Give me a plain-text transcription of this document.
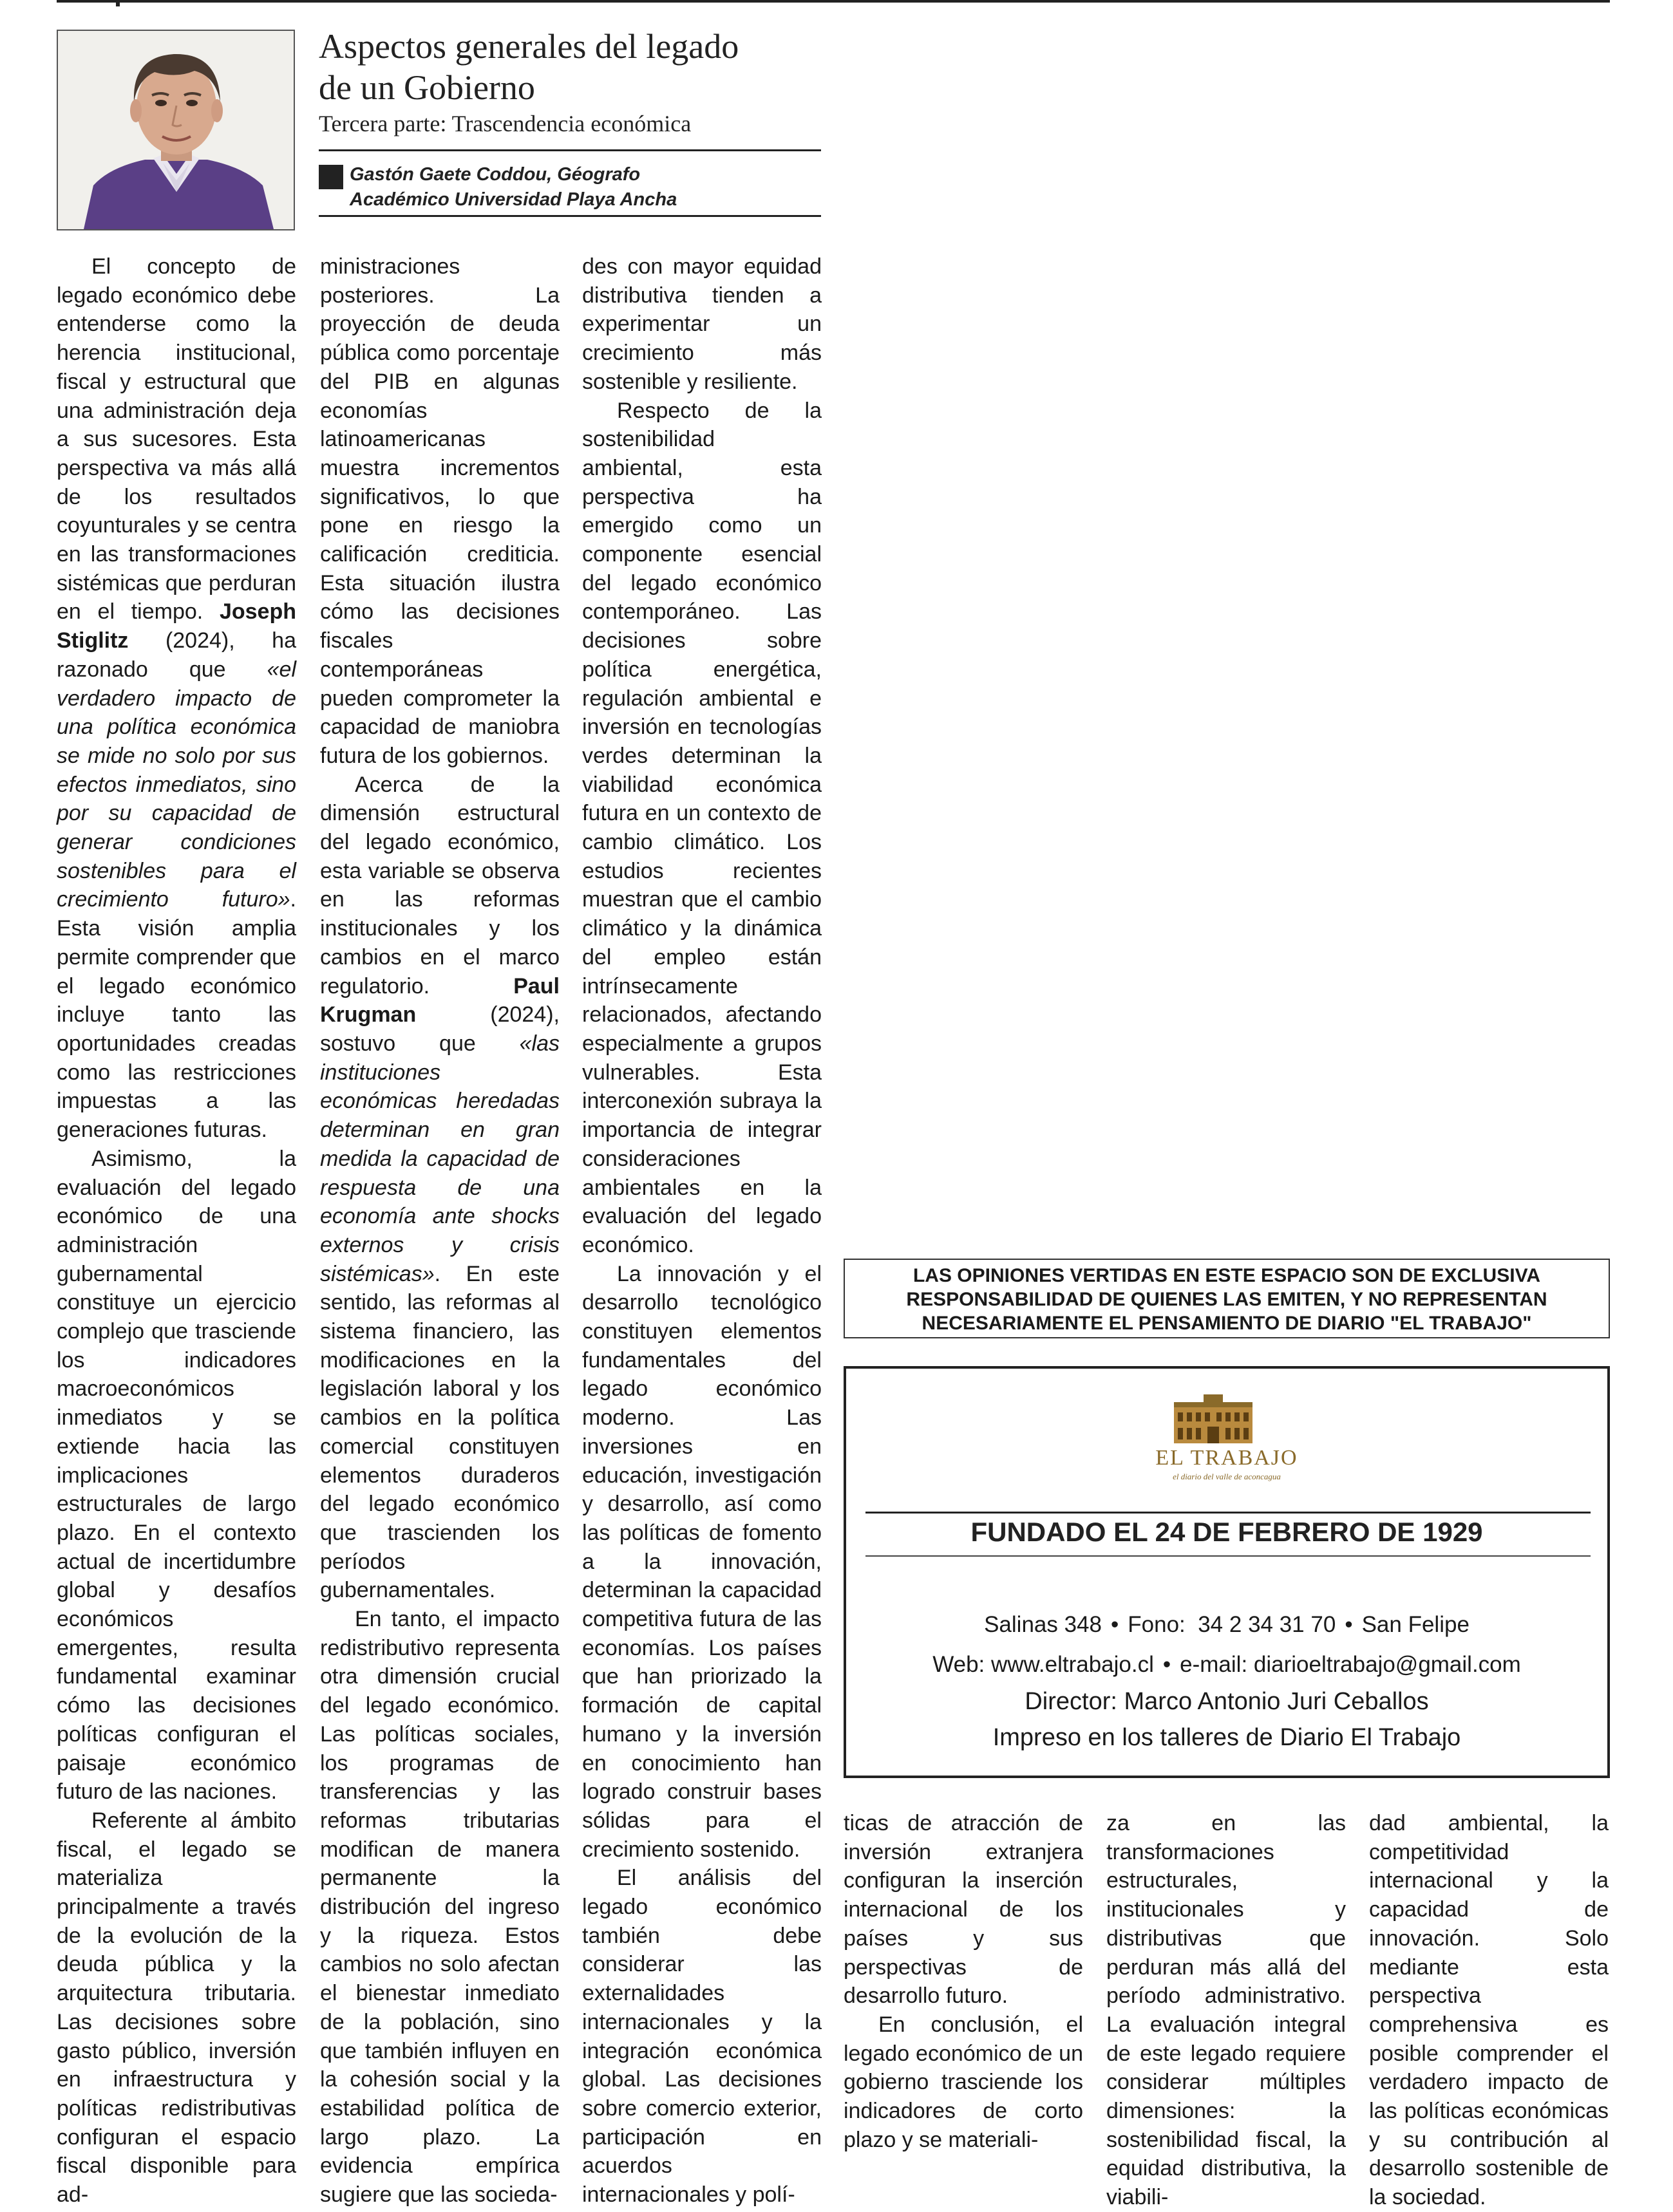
Aspectos generales del legado
de un Gobierno
Tercera parte: Trascendencia económica
Gastón Gaete Coddou, Géografo
Académico Universidad Playa Ancha

El concepto de legado económico debe entenderse como la herencia institucional, fiscal y estructural que una administración deja a sus sucesores. Esta perspectiva va más allá de los resultados coyunturales y se centra en las transformaciones sistémicas que perduran en el tiempo. Joseph Stiglitz (2024), ha razonado que «el verdadero impacto de una política económica se mide no solo por sus efectos inmediatos, sino por su capacidad de generar condiciones sostenibles para el crecimiento futuro». Esta visión amplia permite comprender que el legado económico incluye tanto las oportunidades creadas como las restricciones impuestas a las generaciones futuras.

Asimismo, la evaluación del legado económico de una administración gubernamental constituye un ejercicio complejo que trasciende los indicadores macroeconómicos inmediatos y se extiende hacia las implicaciones estructurales de largo plazo. En el contexto actual de incertidumbre global y desafíos económicos emergentes, resulta fundamental examinar cómo las decisiones políticas configuran el paisaje económico futuro de las naciones.

Referente al ámbito fiscal, el legado se materializa principalmente a través de la evolución de la deuda pública y la arquitectura tributaria. Las decisiones sobre gasto público, inversión en infraestructura y políticas redistributivas configuran el espacio fiscal disponible para ad-

ministraciones posteriores. La proyección de deuda pública como porcentaje del PIB en algunas economías latinoamericanas muestra incrementos significativos, lo que pone en riesgo la calificación crediticia. Esta situación ilustra cómo las decisiones fiscales contemporáneas pueden comprometer la capacidad de maniobra futura de los gobiernos.

Acerca de la dimensión estructural del legado económico, esta variable se observa en las reformas institucionales y los cambios en el marco regulatorio. Paul Krugman (2024), sostuvo que «las instituciones económicas heredadas determinan en gran medida la capacidad de respuesta de una economía ante shocks externos y crisis sistémicas». En este sentido, las reformas al sistema financiero, las modificaciones en la legislación laboral y los cambios en la política comercial constituyen elementos duraderos del legado económico que trascienden los períodos gubernamentales.

En tanto, el impacto redistributivo representa otra dimensión crucial del legado económico. Las políticas sociales, los programas de transferencias y las reformas tributarias modifican de manera permanente la distribución del ingreso y la riqueza. Estos cambios no solo afectan el bienestar inmediato de la población, sino que también influyen en la cohesión social y la estabilidad política de largo plazo. La evidencia empírica sugiere que las socieda-

des con mayor equidad distributiva tienden a experimentar un crecimiento más sostenible y resiliente.

Respecto de la sostenibilidad ambiental, esta perspectiva ha emergido como un componente esencial del legado económico contemporáneo. Las decisiones sobre política energética, regulación ambiental e inversión en tecnologías verdes determinan la viabilidad económica futura en un contexto de cambio climático. Los estudios recientes muestran que el cambio climático y la dinámica del empleo están intrínsecamente relacionados, afectando especialmente a grupos vulnerables. Esta interconexión subraya la importancia de integrar consideraciones ambientales en la evaluación del legado económico.

La innovación y el desarrollo tecnológico constituyen elementos fundamentales del legado económico moderno. Las inversiones en educación, investigación y desarrollo, así como las políticas de fomento a la innovación, determinan la capacidad competitiva futura de las economías. Los países que han priorizado la formación de capital humano y la inversión en conocimiento han logrado construir bases sólidas para el crecimiento sostenido.

El análisis del legado económico también debe considerar las externalidades internacionales y la integración económica global. Las decisiones sobre comercio exterior, participación en acuerdos internacionales y polí-

LAS OPINIONES VERTIDAS EN ESTE ESPACIO SON DE EXCLUSIVA
RESPONSABILIDAD DE QUIENES LAS EMITEN, Y NO REPRESENTAN
NECESARIAMENTE EL PENSAMIENTO DE DIARIO "EL TRABAJO"
EL TRABAJO
el diario del valle de aconcagua
FUNDADO EL 24 DE FEBRERO DE 1929
Salinas 348 • Fono: 34 2 34 31 70 • San Felipe
Web: www.eltrabajo.cl • e-mail: diarioeltrabajo@gmail.com
Director: Marco Antonio Juri Ceballos
Impreso en los talleres de Diario El Trabajo

ticas de atracción de inversión extranjera configuran la inserción internacional de los países y sus perspectivas de desarrollo futuro.

En conclusión, el legado económico de un gobierno trasciende los indicadores de corto plazo y se materiali-

za en las transformaciones estructurales, institucionales y distributivas que perduran más allá del período administrativo. La evaluación integral de este legado requiere considerar múltiples dimensiones: la sostenibilidad fiscal, la equidad distributiva, la viabili-

dad ambiental, la competitividad internacional y la capacidad de innovación. Solo mediante esta perspectiva comprehensiva es posible comprender el verdadero impacto de las políticas económicas y su contribución al desarrollo sostenible de la sociedad.
